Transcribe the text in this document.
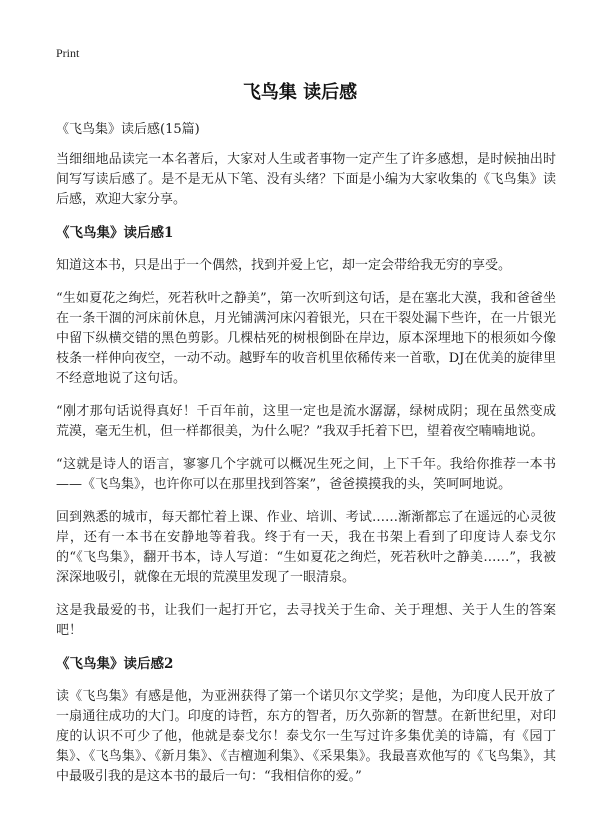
Print
飞鸟集 读后感

《飞鸟集》读后感(15篇)

当细细地品读完一本名著后，大家对人生或者事物一定产生了许多感想，是时候抽出时间写写读后感了。是不是无从下笔、没有头绪？下面是小编为大家收集的《飞鸟集》读后感，欢迎大家分享。

《飞鸟集》读后感1

知道这本书，只是出于一个偶然，找到并爱上它，却一定会带给我无穷的享受。

“生如夏花之绚烂，死若秋叶之静美”，第一次听到这句话，是在塞北大漠，我和爸爸坐在一条干涸的河床前休息，月光铺满河床闪着银光，只在干裂处漏下些许，在一片银光中留下纵横交错的黑色剪影。几棵枯死的树根倒卧在岸边，原本深埋地下的根须如今像枝条一样伸向夜空，一动不动。越野车的收音机里依稀传来一首歌，DJ在优美的旋律里不经意地说了这句话。

“刚才那句话说得真好！千百年前，这里一定也是流水潺潺，绿树成阴；现在虽然变成荒漠，毫无生机，但一样都很美，为什么呢？”我双手托着下巴，望着夜空喃喃地说。

“这就是诗人的语言，寥寥几个字就可以概况生死之间，上下千年。我给你推荐一本书——《飞鸟集》，也许你可以在那里找到答案”，爸爸摸摸我的头，笑呵呵地说。

回到熟悉的城市，每天都忙着上课、作业、培训、考试……渐渐都忘了在遥远的心灵彼岸，还有一本书在安静地等着我。终于有一天，我在书架上看到了印度诗人泰戈尔的“《飞鸟集》，翻开书本，诗人写道：“生如夏花之绚烂，死若秋叶之静美……”，我被深深地吸引，就像在无垠的荒漠里发现了一眼清泉。

这是我最爱的书，让我们一起打开它，去寻找关于生命、关于理想、关于人生的答案吧！

《飞鸟集》读后感2

读《飞鸟集》有感是他，为亚洲获得了第一个诺贝尔文学奖；是他，为印度人民开放了一扇通往成功的大门。印度的诗哲，东方的智者，历久弥新的智慧。在新世纪里，对印度的认识不可少了他，他就是泰戈尔！泰戈尔一生写过许多集优美的诗篇，有《园丁集》、《飞鸟集》、《新月集》、《吉檀迦利集》、《采果集》。我最喜欢他写的《飞鸟集》，其中最吸引我的是这本书的最后一句：“我相信你的爱。”
